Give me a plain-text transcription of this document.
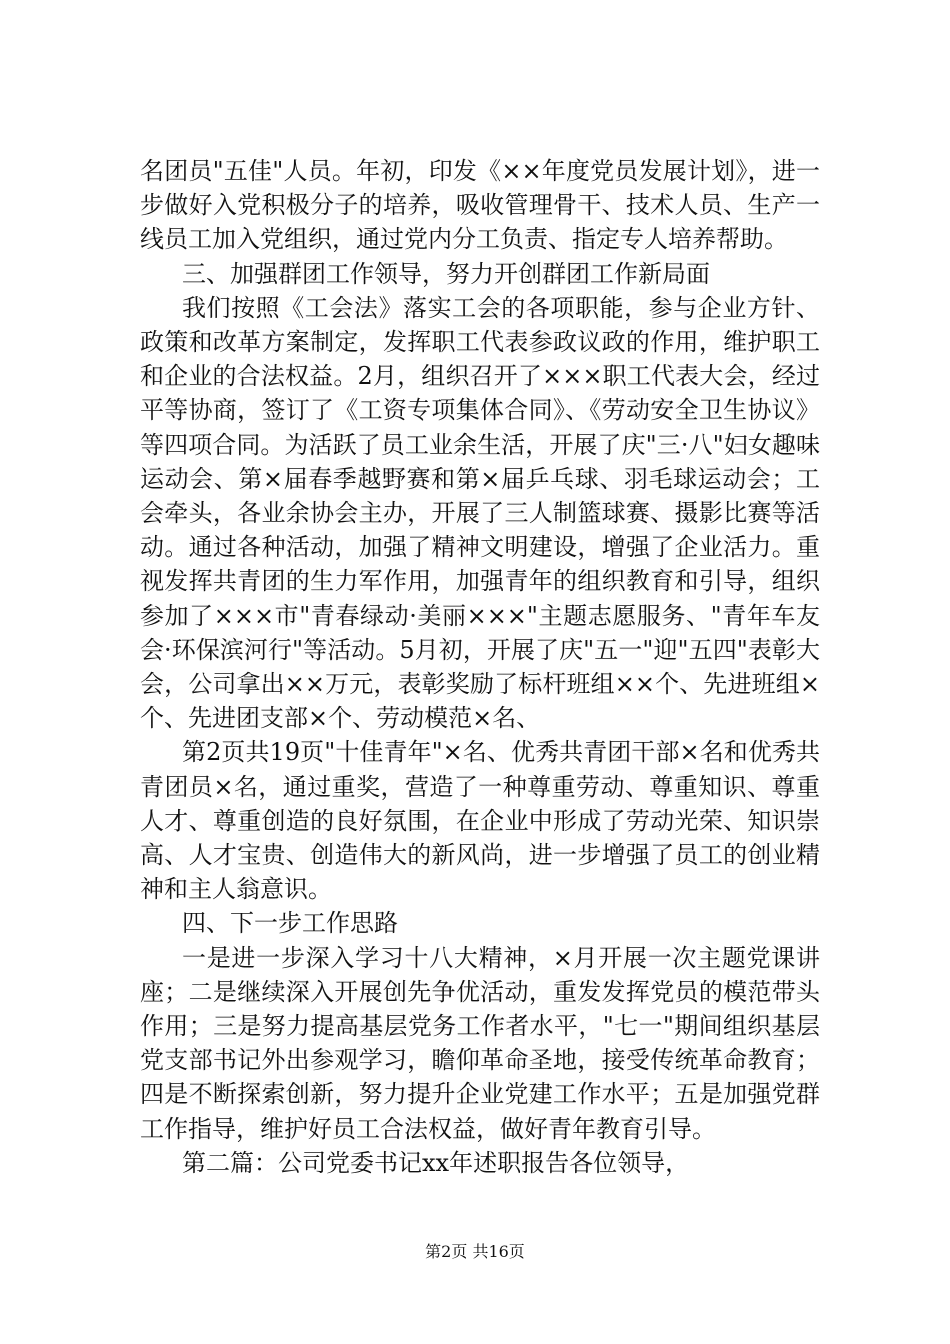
名团员"五佳"人员。年初，印发《××年度党员发展计划》，进一步做好入党积极分子的培养，吸收管理骨干、技术人员、生产一线员工加入党组织，通过党内分工负责、指定专人培养帮助。

三、加强群团工作领导，努力开创群团工作新局面

我们按照《工会法》落实工会的各项职能，参与企业方针、政策和改革方案制定，发挥职工代表参政议政的作用，维护职工和企业的合法权益。2月，组织召开了×××职工代表大会，经过平等协商，签订了《工资专项集体合同》、《劳动安全卫生协议》等四项合同。为活跃了员工业余生活，开展了庆"三·八"妇女趣味运动会、第×届春季越野赛和第×届乒乓球、羽毛球运动会；工会牵头，各业余协会主办，开展了三人制篮球赛、摄影比赛等活动。通过各种活动，加强了精神文明建设，增强了企业活力。重视发挥共青团的生力军作用，加强青年的组织教育和引导，组织参加了×××市"青春绿动·美丽×××"主题志愿服务、"青年车友会·环保滨河行"等活动。5月初，开展了庆"五一"迎"五四"表彰大会，公司拿出××万元，表彰奖励了标杆班组××个、先进班组×个、先进团支部×个、劳动模范×名、

第2页共19页"十佳青年"×名、优秀共青团干部×名和优秀共青团员×名，通过重奖，营造了一种尊重劳动、尊重知识、尊重人才、尊重创造的良好氛围，在企业中形成了劳动光荣、知识崇高、人才宝贵、创造伟大的新风尚，进一步增强了员工的创业精神和主人翁意识。

四、下一步工作思路

一是进一步深入学习十八大精神，×月开展一次主题党课讲座；二是继续深入开展创先争优活动，重发发挥党员的模范带头作用；三是努力提高基层党务工作者水平，"七一"期间组织基层党支部书记外出参观学习，瞻仰革命圣地，接受传统革命教育；四是不断探索创新，努力提升企业党建工作水平；五是加强党群工作指导，维护好员工合法权益，做好青年教育引导。

第二篇：公司党委书记xx年述职报告各位领导，

第2页 共16页
